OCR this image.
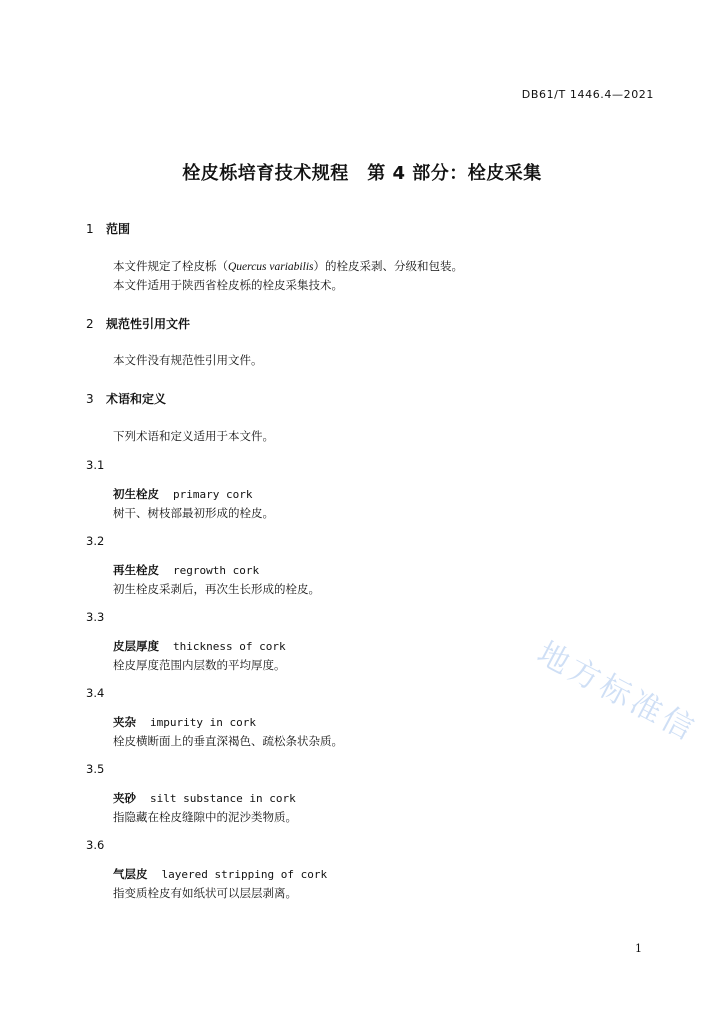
DB61/T 1446.4—2021
栓皮栎培育技术规程　第 4 部分：栓皮采集
1 范围
本文件规定了栓皮栎（Quercus variabilis）的栓皮采剥、分级和包装。
本文件适用于陕西省栓皮栎的栓皮采集技术。
2 规范性引用文件
本文件没有规范性引用文件。
3 术语和定义
下列术语和定义适用于本文件。
3.1
初生栓皮 primary cork
树干、树枝部最初形成的栓皮。
3.2
再生栓皮 regrowth cork
初生栓皮采剥后，再次生长形成的栓皮。
3.3
皮层厚度 thickness of cork
栓皮厚度范围内层数的平均厚度。
3.4
夹杂 impurity in cork
栓皮横断面上的垂直深褐色、疏松条状杂质。
3.5
夹砂 silt substance in cork
指隐藏在栓皮缝隙中的泥沙类物质。
3.6
气层皮 layered stripping of cork
指变质栓皮有如纸状可以层层剥离。
1
地方标准信
